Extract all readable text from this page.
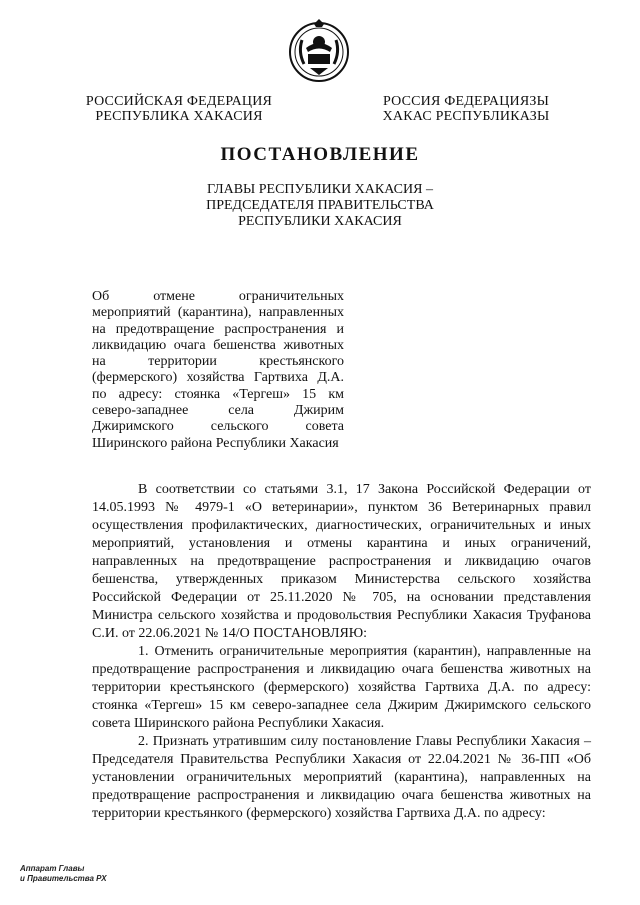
РОССИЙСКАЯ ФЕДЕРАЦИЯ
РЕСПУБЛИКА ХАКАСИЯ
РОССИЯ ФЕДЕРАЦИЯЗЫ
ХАКАС РЕСПУБЛИКАЗЫ
ПОСТАНОВЛЕНИЕ
ГЛАВЫ РЕСПУБЛИКИ ХАКАСИЯ –
ПРЕДСЕДАТЕЛЯ ПРАВИТЕЛЬСТВА
РЕСПУБЛИКИ ХАКАСИЯ
Об отмене ограничительных мероприятий (карантина), направленных на предотвращение распространения и ликвидацию очага бешенства животных на территории крестьянского (фермерского) хозяйства Гартвиха Д.А. по адресу: стоянка «Тергеш» 15 км северо-западнее села Джирим Джиримского сельского совета Ширинского района Республики Хакасия

В соответствии со статьями 3.1, 17 Закона Российской Федерации от 14.05.1993 № 4979-1 «О ветеринарии», пунктом 36 Ветеринарных правил осуществления профилактических, диагностических, ограничительных и иных мероприятий, установления и отмены карантина и иных ограничений, направленных на предотвращение распространения и ликвидацию очагов бешенства, утвержденных приказом Министерства сельского хозяйства Российской Федерации от 25.11.2020 № 705, на основании представления Министра сельского хозяйства и продовольствия Республики Хакасия Труфанова С.И. от 22.06.2021 № 14/О ПОСТАНОВЛЯЮ:

1. Отменить ограничительные мероприятия (карантин), направленные на предотвращение распространения и ликвидацию очага бешенства животных на территории крестьянского (фермерского) хозяйства Гартвиха Д.А. по адресу: стоянка «Тергеш» 15 км северо-западнее села Джирим Джиримского сельского совета Ширинского района Республики Хакасия.

2. Признать утратившим силу постановление Главы Республики Хакасия – Председателя Правительства Республики Хакасия от 22.04.2021 № 36-ПП «Об установлении ограничительных мероприятий (карантина), направленных на предотвращение распространения и ликвидацию очага бешенства животных на территории крестьянкого (фермерского) хозяйства Гартвиха Д.А. по адресу:

Аппарат Главы
и Правительства РХ
